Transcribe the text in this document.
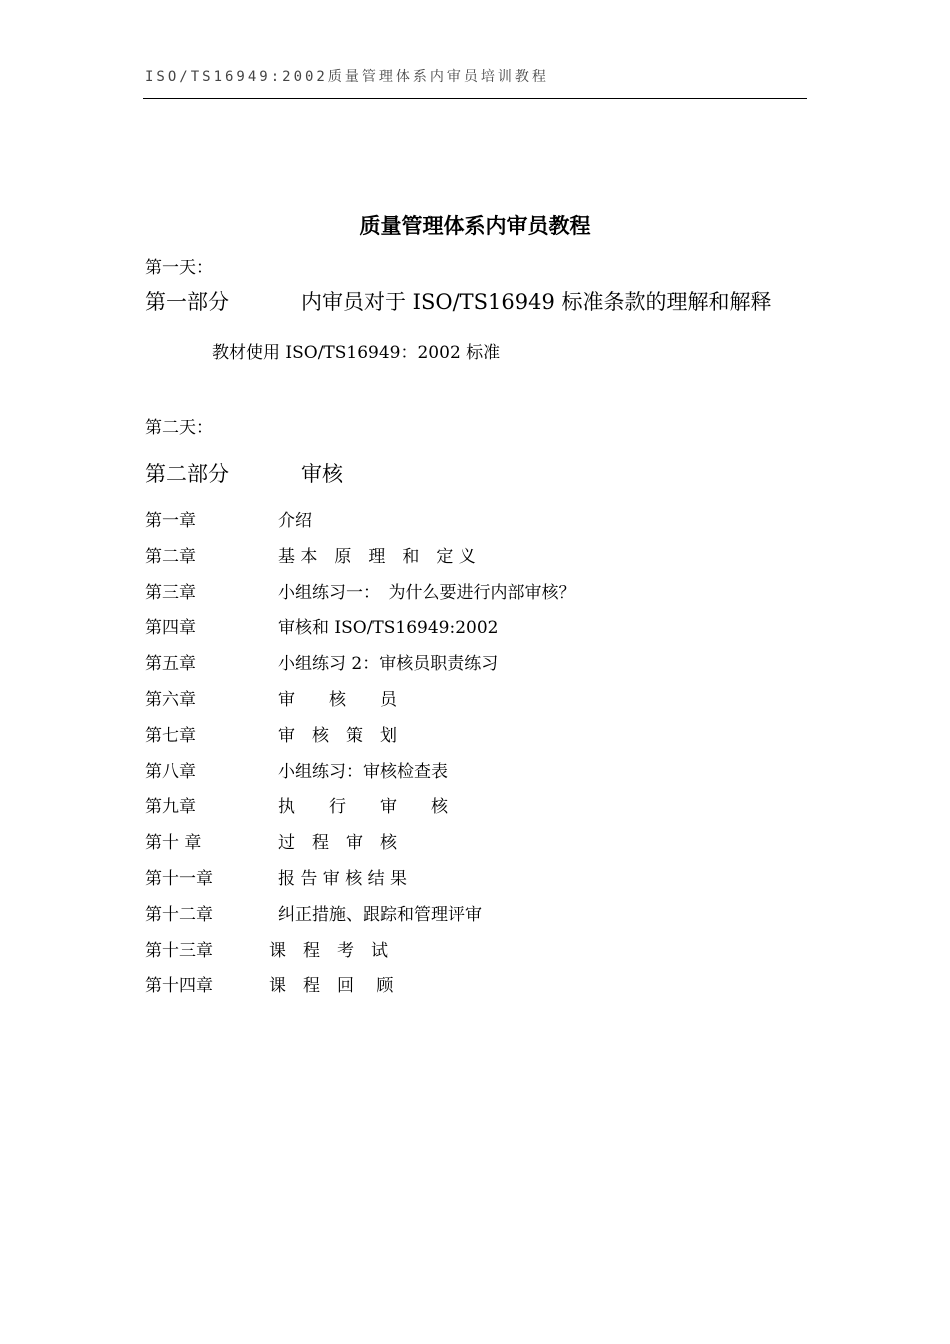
ISO/TS16949:2002质量管理体系内审员培训教程
质量管理体系内审员教程
第一天：
第一部分	内审员对于 ISO/TS16949 标准条款的理解和解释
教材使用 ISO/TS16949：2002 标准
第二天：
第二部分	审核
第一章	介绍
第二章	基 本　原　理　和　定 义
第三章	小组练习一：　为什么要进行内部审核？
第四章	审核和 ISO/TS16949:2002
第五章	小组练习 2：审核员职责练习
第六章	审　　核　　员
第七章	审　核　策　划
第八章	小组练习：审核检查表
第九章	执　　行　　审　　核
第十 章	过　程　审　核
第十一章	报 告 审 核 结 果
第十二章	纠正措施、跟踪和管理评审
第十三章	课　程　考　试
第十四章	课　程　回　 顾
